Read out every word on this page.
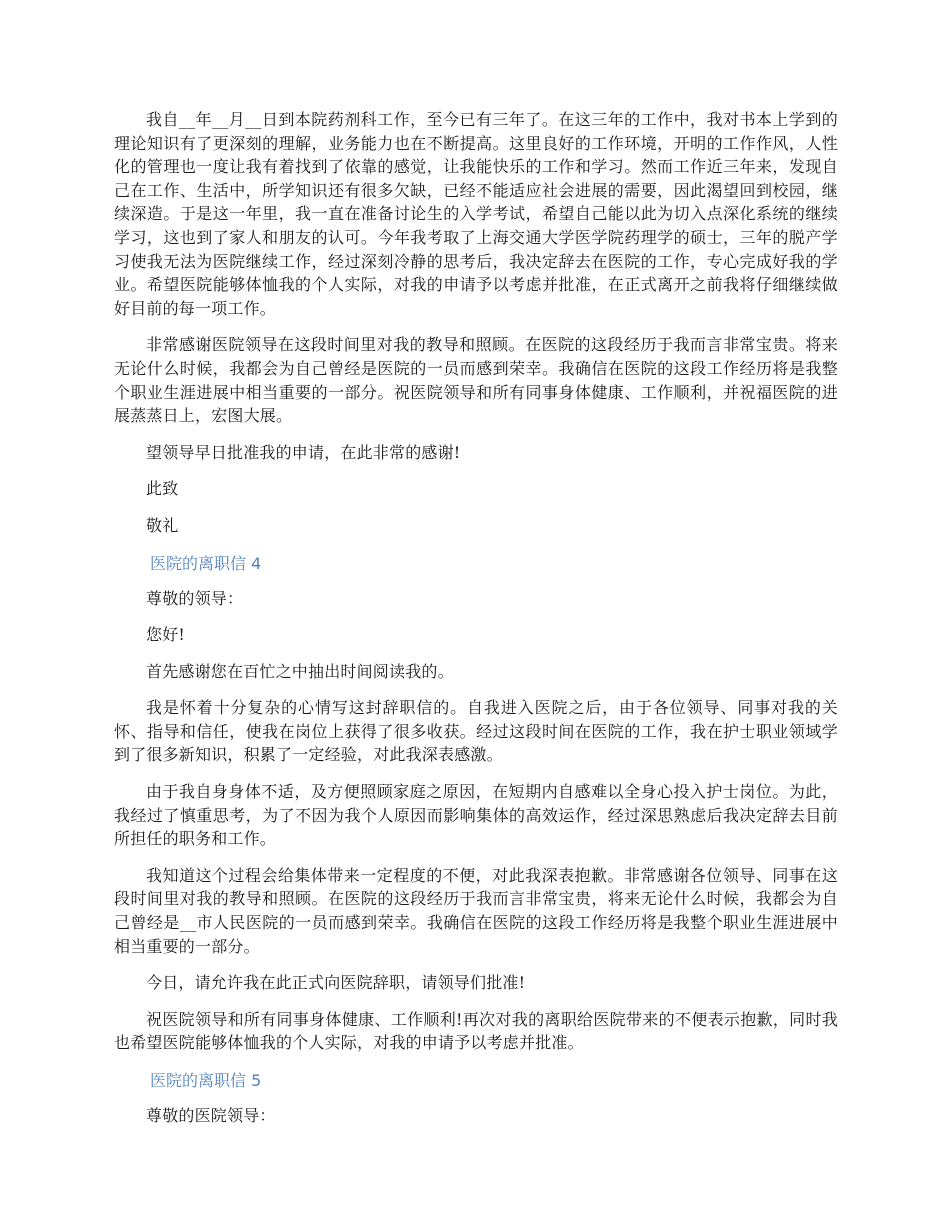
我自__年__月__日到本院药剂科工作，至今已有三年了。在这三年的工作中，我对书本上学到的理论知识有了更深刻的理解，业务能力也在不断提高。这里良好的工作环境，开明的工作作风，人性化的管理也一度让我有着找到了依靠的感觉，让我能快乐的工作和学习。然而工作近三年来，发现自己在工作、生活中，所学知识还有很多欠缺，已经不能适应社会进展的需要，因此渴望回到校园，继续深造。于是这一年里，我一直在准备讨论生的入学考试，希望自己能以此为切入点深化系统的继续学习，这也到了家人和朋友的认可。今年我考取了上海交通大学医学院药理学的硕士，三年的脱产学习使我无法为医院继续工作，经过深刻冷静的思考后，我决定辞去在医院的工作，专心完成好我的学业。希望医院能够体恤我的个人实际，对我的申请予以考虑并批准，在正式离开之前我将仔细继续做好目前的每一项工作。

非常感谢医院领导在这段时间里对我的教导和照顾。在医院的这段经历于我而言非常宝贵。将来无论什么时候，我都会为自己曾经是医院的一员而感到荣幸。我确信在医院的这段工作经历将是我整个职业生涯进展中相当重要的一部分。祝医院领导和所有同事身体健康、工作顺利，并祝福医院的进展蒸蒸日上，宏图大展。

望领导早日批准我的申请，在此非常的感谢!

此致

敬礼

医院的离职信 4

尊敬的领导：

您好!

首先感谢您在百忙之中抽出时间阅读我的。

我是怀着十分复杂的心情写这封辞职信的。自我进入医院之后，由于各位领导、同事对我的关怀、指导和信任，使我在岗位上获得了很多收获。经过这段时间在医院的工作，我在护士职业领域学到了很多新知识，积累了一定经验，对此我深表感激。

由于我自身身体不适，及方便照顾家庭之原因，在短期内自感难以全身心投入护士岗位。为此，我经过了慎重思考，为了不因为我个人原因而影响集体的高效运作，经过深思熟虑后我决定辞去目前所担任的职务和工作。

我知道这个过程会给集体带来一定程度的不便，对此我深表抱歉。非常感谢各位领导、同事在这段时间里对我的教导和照顾。在医院的这段经历于我而言非常宝贵，将来无论什么时候，我都会为自己曾经是__市人民医院的一员而感到荣幸。我确信在医院的这段工作经历将是我整个职业生涯进展中相当重要的一部分。

今日，请允许我在此正式向医院辞职，请领导们批准!

祝医院领导和所有同事身体健康、工作顺利!再次对我的离职给医院带来的不便表示抱歉，同时我也希望医院能够体恤我的个人实际，对我的申请予以考虑并批准。

医院的离职信 5

尊敬的医院领导：
